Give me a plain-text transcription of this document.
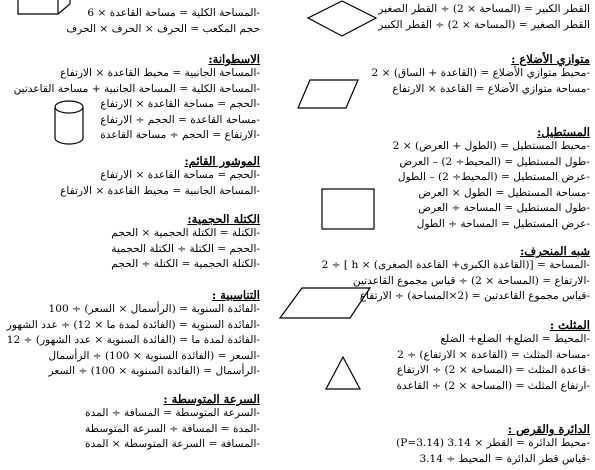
القطر الكبير = (المساحة × 2) ÷ القطر الصغير
القطر الصغير = (المساحة × 2) ÷ القطر الكبير
متوازي الأضلاع :
-محيط متوازي الأضلاع = (القاعدة + الساق) × 2
-مساحة متوازي الأضلاع = القاعدة × الارتفاع
المستطيل:
-محيط المستطيل = (الطول + العرض) × 2
-طول المستطيل = (المحيط÷ 2) – العرض
-عرض المستطيل = (المحيط÷ 2) – الطول
-مساحة المستطيل = الطول × العرض
-طول المستطيل = المساحة ÷ العرض
-عرض المستطيل = المساحة ÷ الطول
شبه المنحرف:
-المساحة = [(القاعدة الكبرى+ القاعدة الصغرى) × h ] ÷ 2
-الارتفاع = (المساحة × 2) ÷ قياس مجموع القاعدتين
-قياس مجموع القاعدتين = (2×المساحة) ÷ الارتفاع
المثلث :
-المحيط = الضلع+ الضلع+ الضلع
-مساحة المثلث = (القاعدة × الارتفاع) ÷ 2
-قاعدة المثلث = (المساحة × 2) ÷ الارتفاع
-ارتفاع المثلث = (المساحة × 2) ÷ القاعدة
الدائرة والقرص :
-محيط الدائرة = القطر × 3.14 (P=3.14)
-قياس قطر الدائرة = المحيط ÷ 3.14
-المساحة الكلية = مساحة القاعدة × 6
حجم المكعب = الحرف × الحرف × الحرف
الاسطوانة:
-المساحة الجانبية = محيط القاعدة × الارتفاع
-المساحة الكلية = المساحة الجانبية + مساحة القاعدتين
-الحجم = مساحة القاعدة × الارتفاع
-مساحة القاعدة = الحجم ÷ الارتفاع
-الارتفاع = الحجم ÷ مساحة القاعدة
الموشور القائم:
-الحجم = مساحة القاعدة × الارتفاع
-المساحة الجانبية = محيط القاعدة × الارتفاع
الكتلة الحجمية:
-الكتلة = الكتلة الحجمية × الحجم
-الحجم = الكتلة ÷ الكتلة الحجمية
-الكتلة الحجمية = الكتلة ÷ الحجم
التناسبية :
-الفائدة السنوية = (الرأسمال × السعر) ÷ 100
-الفائدة السنوية = (الفائدة لمدة ما × 12) ÷ عدد الشهور
-الفائدة لمدة ما = (الفائدة السنوية × عدد الشهور) ÷ 12
-السعر = (الفائدة السنوية × 100) ÷ الرأسمال
-الرأسمال = (الفائدة السنوية × 100) ÷ السعر
السرعة المتوسطة :
-السرعة المتوسطة = المسافة ÷ المدة
-المدة = المسافة ÷ السرعة المتوسطة
-المسافة = السرعة المتوسطة × المدة
